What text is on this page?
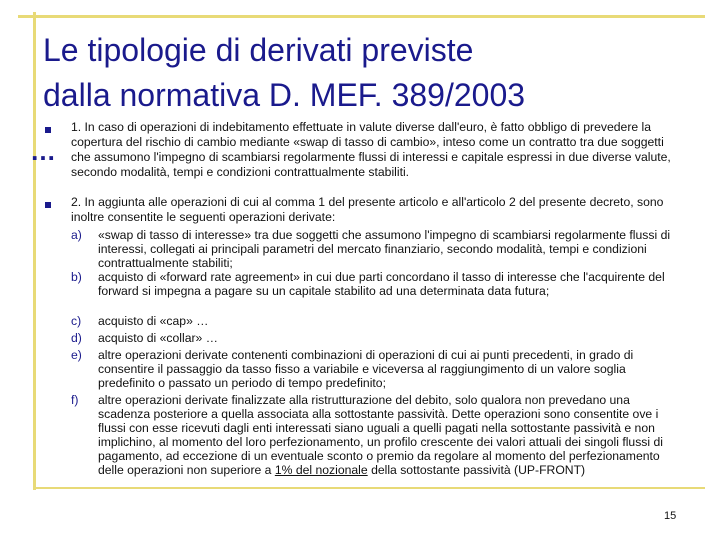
Le tipologie di derivati previste
dalla normativa D. MEF. 389/2003
…

1. In caso di operazioni di indebitamento effettuate in valute diverse dall'euro, è fatto obbligo di prevedere la copertura del rischio di cambio mediante «swap di tasso di cambio», inteso come un contratto tra due soggetti che assumono l'impegno di scambiarsi regolarmente flussi di interessi e capitale espressi in due diverse valute, secondo modalità, tempi e condizioni contrattualmente stabiliti.

2. In aggiunta alle operazioni di cui al comma 1 del presente articolo e all'articolo 2 del presente decreto, sono inoltre consentite le seguenti operazioni derivate:

a) «swap di tasso di interesse» tra due soggetti che assumono l'impegno di scambiarsi regolarmente flussi di interessi, collegati ai principali parametri del mercato finanziario, secondo modalità, tempi e condizioni contrattualmente stabiliti;
b) acquisto di «forward rate agreement» in cui due parti concordano il tasso di interesse che l'acquirente del forward si impegna a pagare su un capitale stabilito ad una determinata data futura;
c) acquisto di «cap» …
d) acquisto di «collar» …
e) altre operazioni derivate contenenti combinazioni di operazioni di cui ai punti precedenti, in grado di consentire il passaggio da tasso fisso a variabile e viceversa al raggiungimento di un valore soglia predefinito o passato un periodo di tempo predefinito;
f) altre operazioni derivate finalizzate alla ristrutturazione del debito, solo qualora non prevedano una scadenza posteriore a quella associata alla sottostante passività. Dette operazioni sono consentite ove i flussi con esse ricevuti dagli enti interessati siano uguali a quelli pagati nella sottostante passività e non implichino, al momento del loro perfezionamento, un profilo crescente dei valori attuali dei singoli flussi di pagamento, ad eccezione di un eventuale sconto o premio da regolare al momento del perfezionamento delle operazioni non superiore a 1% del nozionale della sottostante passività (UP-FRONT)
15
